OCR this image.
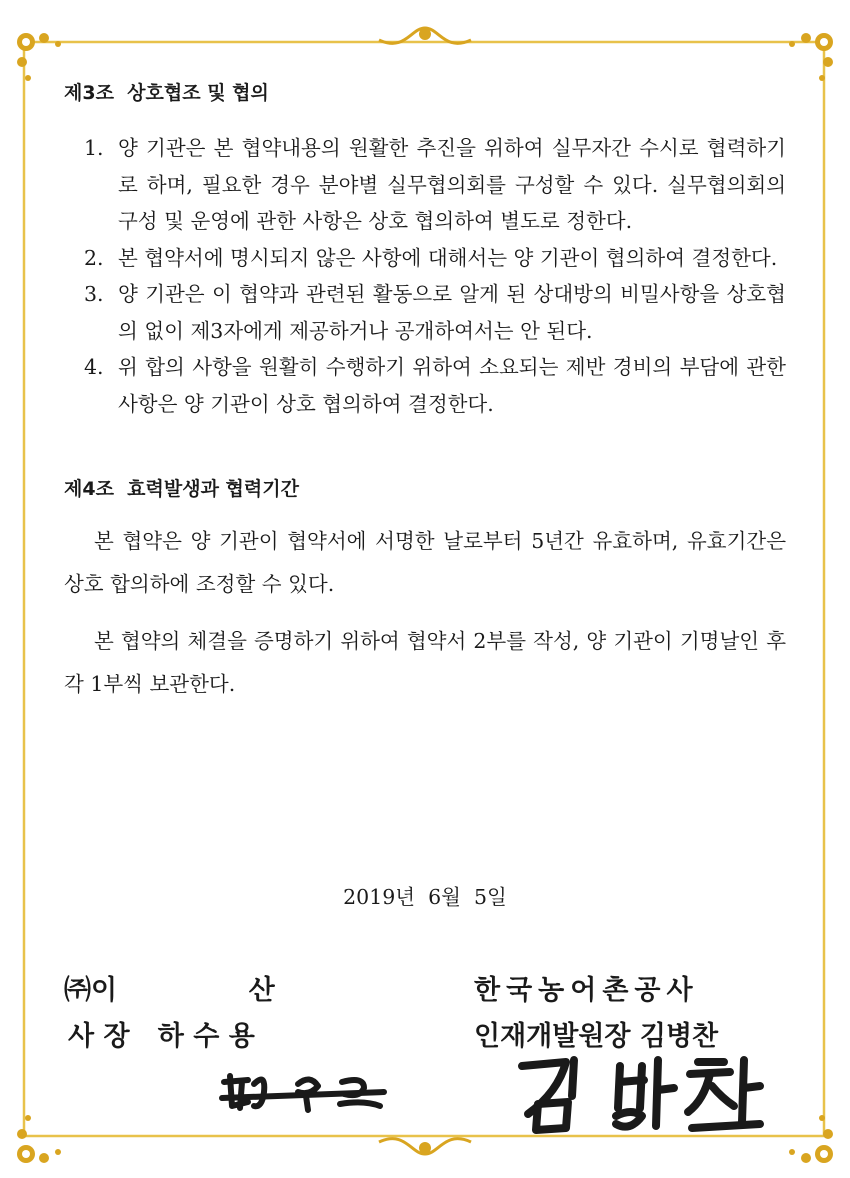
제3조  상호협조 및 협의
1. 양 기관은 본 협약내용의 원활한 추진을 위하여 실무자간 수시로 협력하기로 하며, 필요한 경우 분야별 실무협의회를 구성할 수 있다. 실무협의회의 구성 및 운영에 관한 사항은 상호 협의하여 별도로 정한다.
2. 본 협약서에 명시되지 않은 사항에 대해서는 양 기관이 협의하여 결정한다.
3. 양 기관은 이 협약과 관련된 활동으로 알게 된 상대방의 비밀사항을 상호협의 없이 제3자에게 제공하거나 공개하여서는 안 된다.
4. 위 합의 사항을 원활히 수행하기 위하여 소요되는 제반 경비의 부담에 관한 사항은 양 기관이 상호 협의하여 결정한다.
제4조  효력발생과 협력기간

본 협약은 양 기관이 협약서에 서명한 날로부터 5년간 유효하며, 유효기간은 상호 합의하에 조정할 수 있다.

본 협약의 체결을 증명하기 위하여 협약서 2부를 작성, 양 기관이 기명날인 후 각 1부씩 보관한다.

2019년  6월  5일
㈜이              산
사 장   하 수 용
한국농어촌공사
인재개발원장 김병찬
